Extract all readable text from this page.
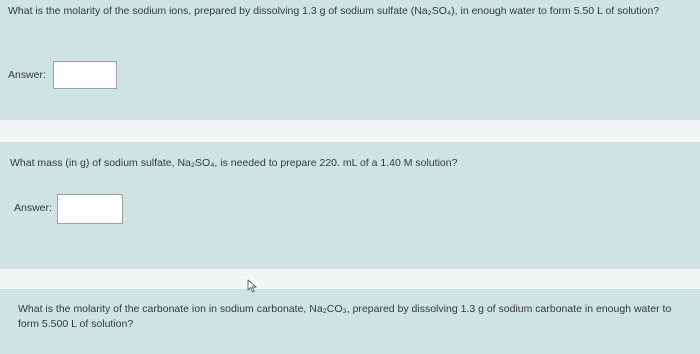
What is the molarity of the sodium ions, prepared by dissolving 1.3 g of sodium sulfate (Na₂SO₄), in enough water to form 5.50 L of solution?

Answer:

What mass (in g) of sodium sulfate, Na₂SO₄, is needed to prepare 220. mL of a 1.40 M solution?

Answer:

What is the molarity of the carbonate ion in sodium carbonate, Na₂CO₃, prepared by dissolving 1.3 g of sodium carbonate in enough water to form 5.500 L of solution?
